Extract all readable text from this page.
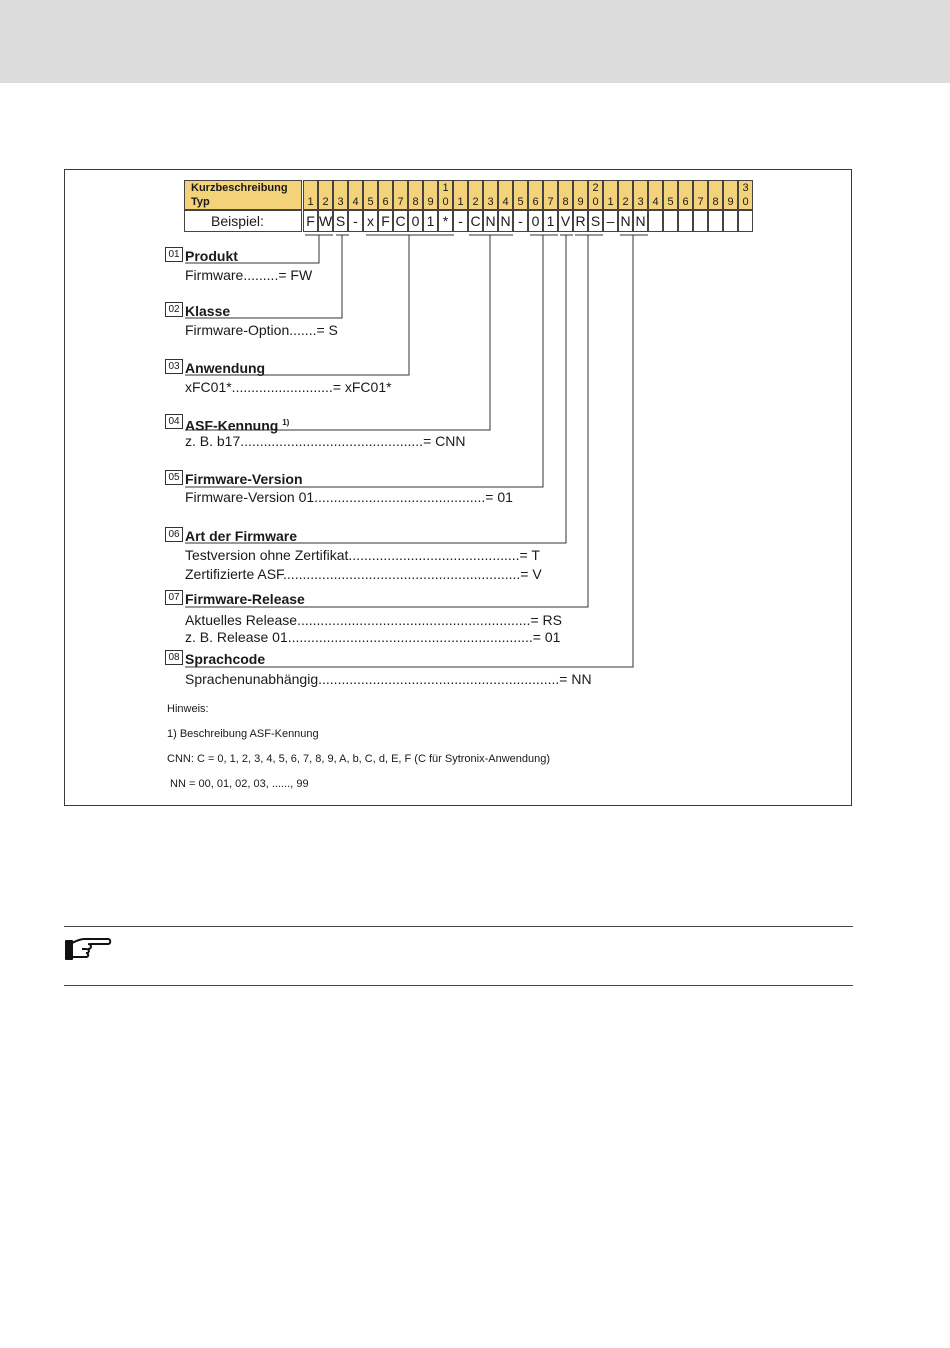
Kurzbeschreibung
Typ
Beispiel:
1 2 3 4 5 6 7 8 9
1
0 1 2 3 4 5 6 7 8 9
2
0 1 2 3 4 5 6 7 8 9
3
0
F W S - x F C 0 1 * - C N N - 0 1 V R S – N N
01 Produkt
Firmware.........= FW
02 Klasse
Firmware-Option.......= S
03 Anwendung
xFC01*..........................= xFC01*
04 ASF-Kennung $^{1)}$
z. B. b17...............................................= CNN
05 Firmware-Version
Firmware-Version 01............................................= 01
06 Art der Firmware
Testversion ohne Zertifikat............................................= T
Zertifizierte ASF.............................................................= V
07 Firmware-Release
Aktuelles Release............................................................= RS
z. B. Release 01...............................................................= 01
08 Sprachcode
Sprachenunabhängig..............................................................= NN
Hinweis:
1) Beschreibung ASF-Kennung
CNN: C = 0, 1, 2, 3, 4, 5, 6, 7, 8, 9, A, b, C, d, E, F (C für Sytronix-Anwendung)
NN = 00, 01, 02, 03, ......, 99
